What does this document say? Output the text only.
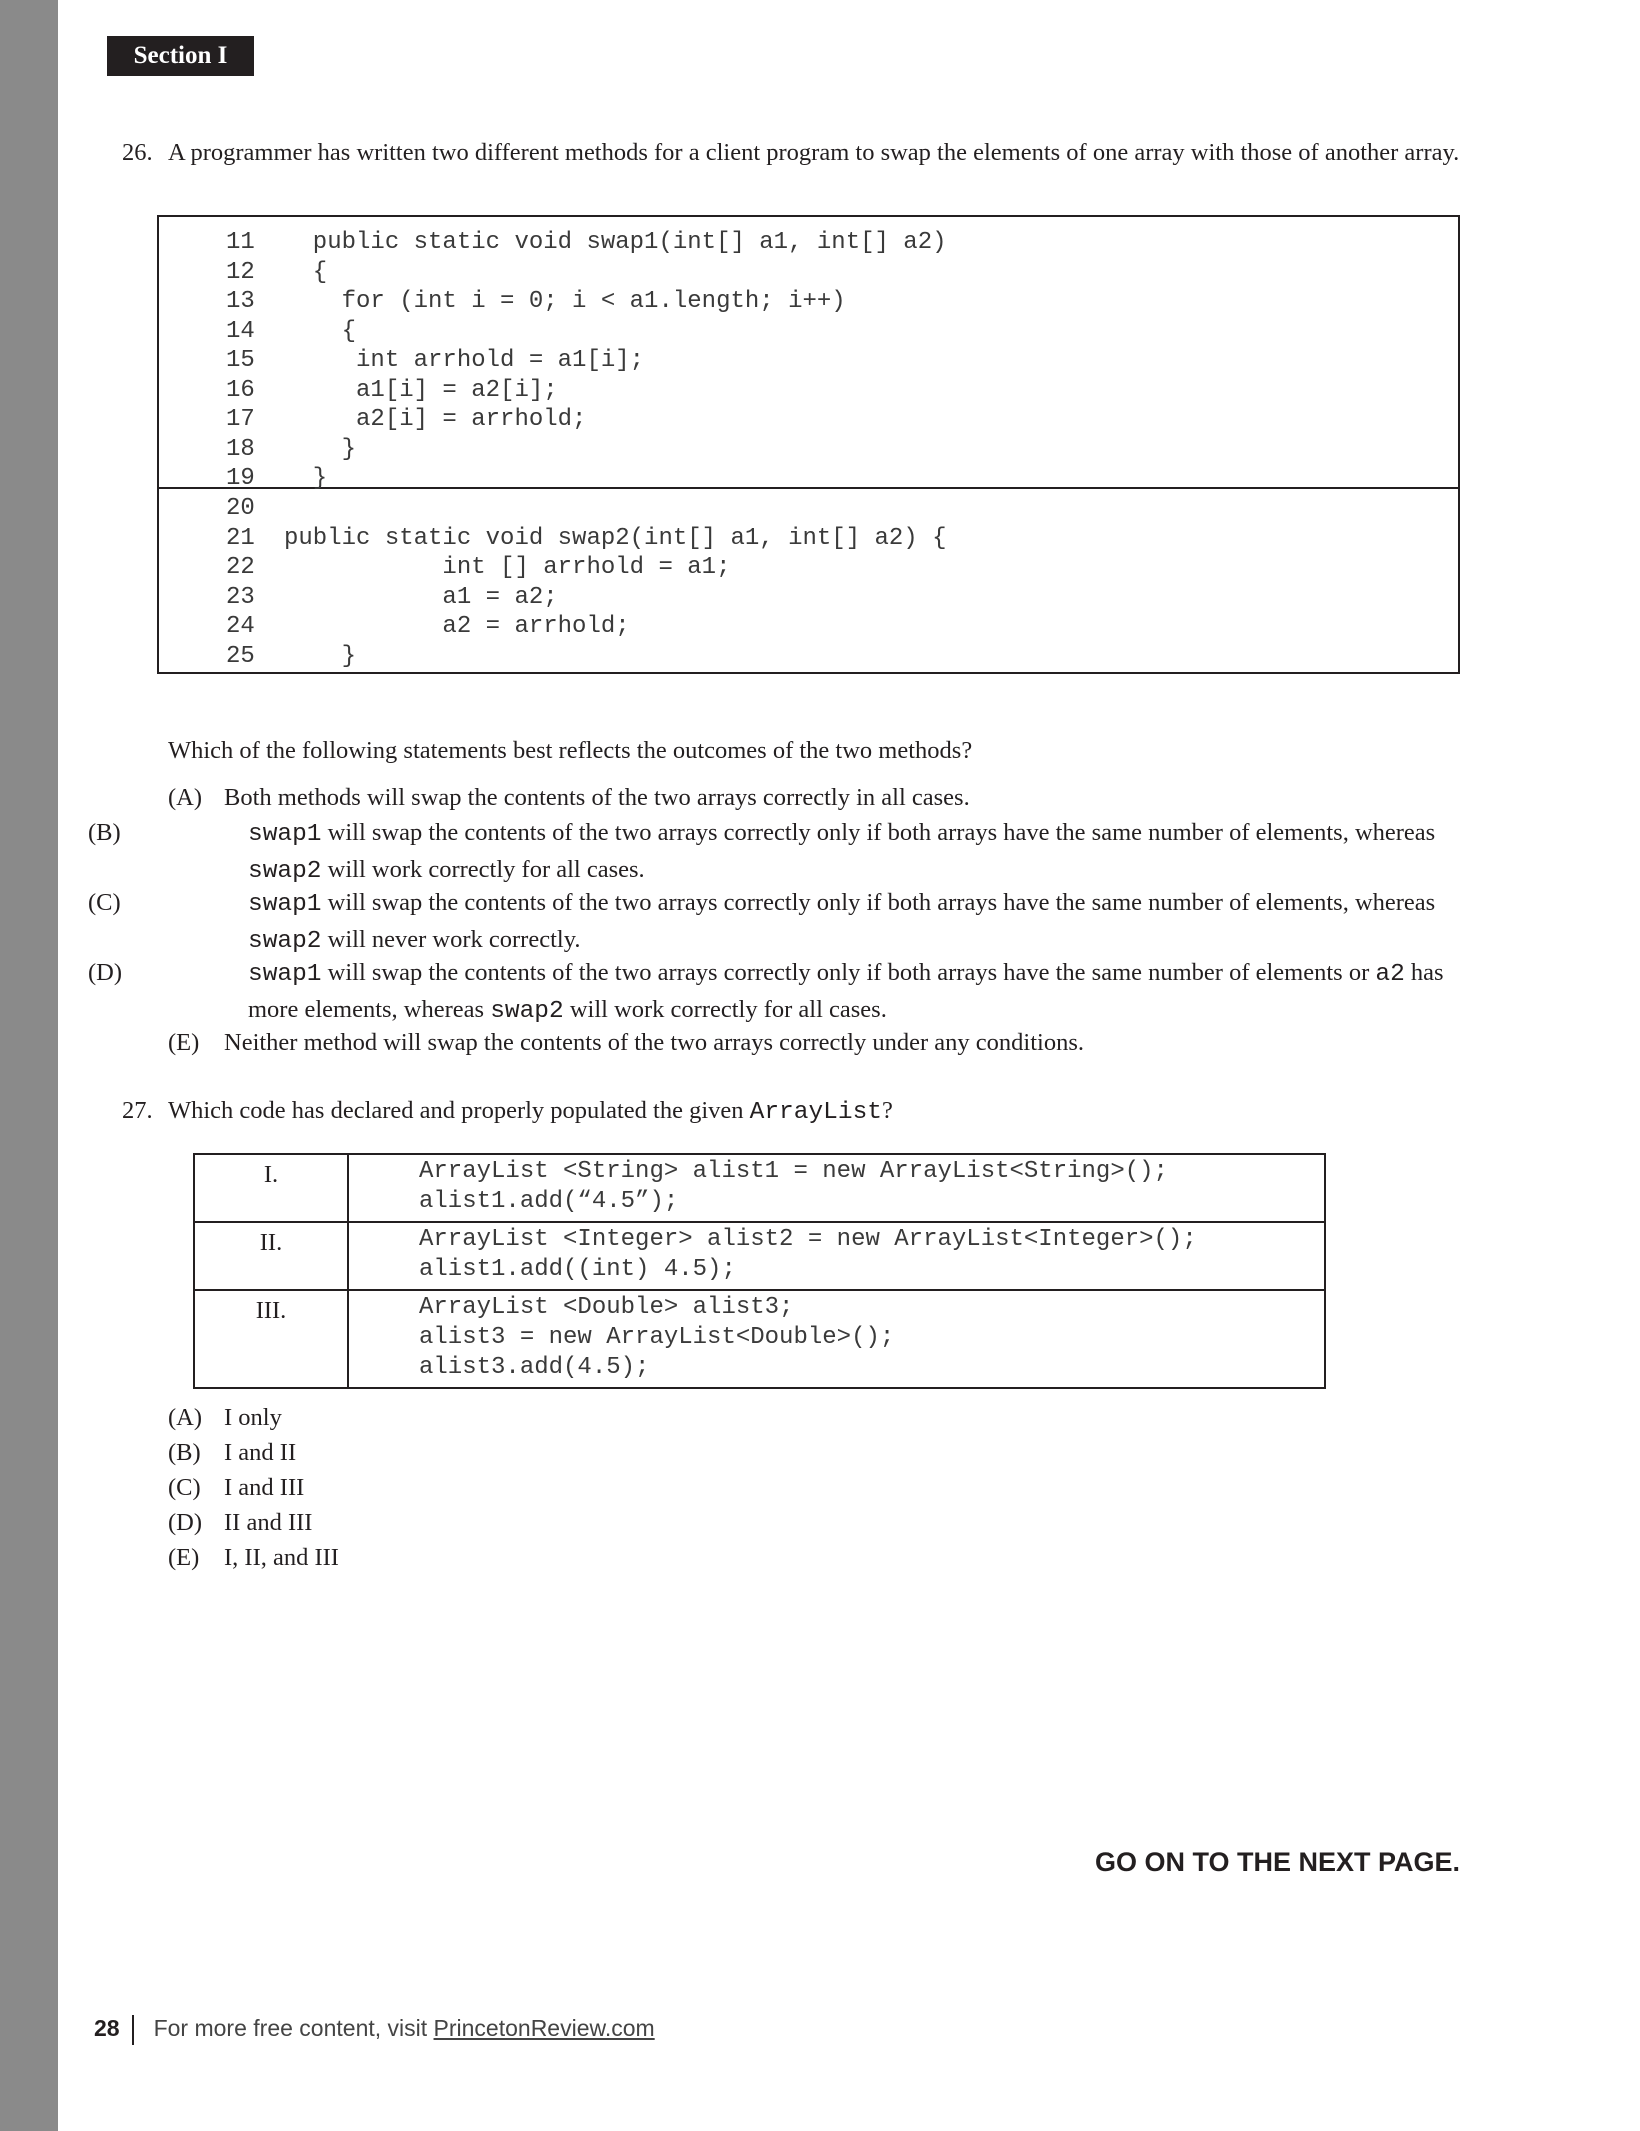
Section I
26. A programmer has written two different methods for a client program to swap the elements of one array with those of another array.
11 public static void swap1(int[] a1, int[] a2)
12 {
13 for (int i = 0; i < a1.length; i++)
14 {
15 int arrhold = a1[i];
16 a1[i] = a2[i];
17 a2[i] = arrhold;
18 }
19 }
20
21 public static void swap2(int[] a1, int[] a2) {
22 int [] arrhold = a1;
23 a1 = a2;
24 a2 = arrhold;
25 }
Which of the following statements best reflects the outcomes of the two methods?
(A) Both methods will swap the contents of the two arrays correctly in all cases.
(B)	swap1 will swap the contents of the two arrays correctly only if both arrays have the same number of elements, whereas swap2 will work correctly for all cases.
(C)	swap1 will swap the contents of the two arrays correctly only if both arrays have the same number of elements, whereas swap2 will never work correctly.
(D)	swap1 will swap the contents of the two arrays correctly only if both arrays have the same number of elements or a2 has more elements, whereas swap2 will work correctly for all cases.
(E) Neither method will swap the contents of the two arrays correctly under any conditions.
27. Which code has declared and properly populated the given ArrayList?
I.	ArrayList <String> alist1 = new ArrayList<String>();
alist1.add(“4.5”);
II.	ArrayList <Integer> alist2 = new ArrayList<Integer>();
alist1.add((int) 4.5);
III.	ArrayList <Double> alist3;
alist3 = new ArrayList<Double>();
alist3.add(4.5);
(A) I only
(B) I and II
(C) I and III
(D) II and III
(E) I, II, and III
GO ON TO THE NEXT PAGE.
28 For more free content, visit PrincetonReview.com
